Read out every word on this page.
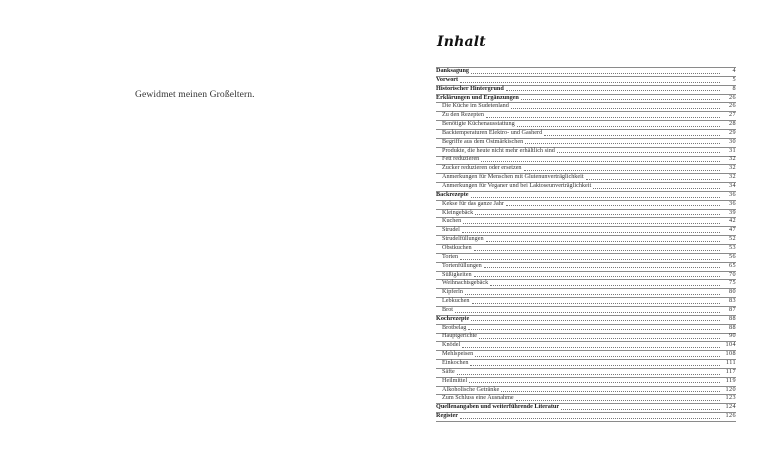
Gewidmet meinen Großeltern.
Inhalt
Danksagung	4
Vorwort	5
Historischer Hintergrund	8
Erklärungen und Ergänzungen	26
Die Küche im Sudetenland	26
Zu den Rezepten	27
Benötigte Küchenausstattung	28
Backtemperaturen Elektro- und Gasherd	29
Begriffe aus dem Ostmärkischen	30
Produkte, die heute nicht mehr erhältlich sind	31
Fett reduzieren	32
Zucker reduzieren oder ersetzen	32
Anmerkungen für Menschen mit Glutenunverträglichkeit	32
Anmerkungen für Veganer und bei Laktoseunverträglichkeit	34
Backrezepte	36
Kekse für das ganze Jahr	36
Kleingebäck	39
Kuchen	42
Strudel	47
Strudelfüllungen	52
Obstkuchen	53
Torten	56
Tortenfüllungen	65
Süßigkeiten	70
Weihnachtsgebäck	75
Kipferln	80
Lebkuchen	83
Brot	87
Kochrezepte	88
Brotbelag	88
Hauptgerichte	90
Knödel	104
Mehlspeisen	108
Einkochen	111
Säfte	117
Heilmittel	119
Alkoholische Getränke	120
Zum Schluss eine Ausnahme	123
Quellenangaben und weiterführende Literatur	124
Register	126
